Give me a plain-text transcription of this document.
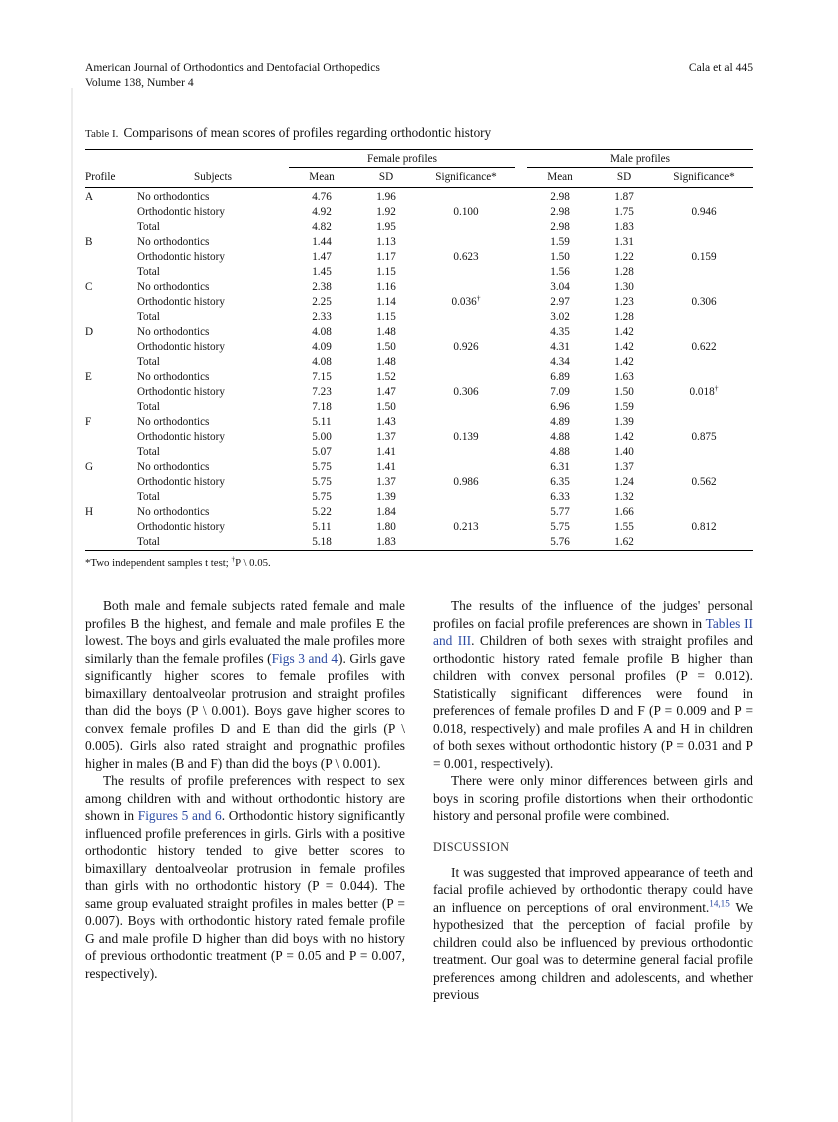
American Journal of Orthodontics and Dentofacial Orthopedics
Volume 138, Number 4
Cala et al 445
Table I. Comparisons of mean scores of profiles regarding orthodontic history
		Female profiles				Male profiles		
Profile	Subjects	Mean	SD	Significance*		Mean	SD	Significance*
A	No orthodontics	4.76	1.96			2.98	1.87	
	Orthodontic history	4.92	1.92	0.100		2.98	1.75	0.946
	Total	4.82	1.95			2.98	1.83	
B	No orthodontics	1.44	1.13			1.59	1.31	
	Orthodontic history	1.47	1.17	0.623		1.50	1.22	0.159
	Total	1.45	1.15			1.56	1.28	
C	No orthodontics	2.38	1.16			3.04	1.30	
	Orthodontic history	2.25	1.14	0.036†		2.97	1.23	0.306
	Total	2.33	1.15			3.02	1.28	
D	No orthodontics	4.08	1.48			4.35	1.42	
	Orthodontic history	4.09	1.50	0.926		4.31	1.42	0.622
	Total	4.08	1.48			4.34	1.42	
E	No orthodontics	7.15	1.52			6.89	1.63	
	Orthodontic history	7.23	1.47	0.306		7.09	1.50	0.018†
	Total	7.18	1.50			6.96	1.59	
F	No orthodontics	5.11	1.43			4.89	1.39	
	Orthodontic history	5.00	1.37	0.139		4.88	1.42	0.875
	Total	5.07	1.41			4.88	1.40	
G	No orthodontics	5.75	1.41			6.31	1.37	
	Orthodontic history	5.75	1.37	0.986		6.35	1.24	0.562
	Total	5.75	1.39			6.33	1.32	
H	No orthodontics	5.22	1.84			5.77	1.66	
	Orthodontic history	5.11	1.80	0.213		5.75	1.55	0.812
	Total	5.18	1.83			5.76	1.62	
*Two independent samples t test; †P \ 0.05.

Both male and female subjects rated female and male profiles B the highest, and female and male profiles E the lowest. The boys and girls evaluated the male profiles more similarly than the female profiles (Figs 3 and 4). Girls gave significantly higher scores to female profiles with bimaxillary dentoalveolar protrusion and straight profiles than did the boys (P \ 0.001). Boys gave higher scores to convex female profiles D and E than did the girls (P \ 0.005). Girls also rated straight and prognathic profiles higher in males (B and F) than did the boys (P \ 0.001).

The results of profile preferences with respect to sex among children with and without orthodontic history are shown in Figures 5 and 6. Orthodontic history significantly influenced profile preferences in girls. Girls with a positive orthodontic history tended to give better scores to bimaxillary dentoalveolar protrusion in female profiles than girls with no orthodontic history (P = 0.044). The same group evaluated straight profiles in males better (P = 0.007). Boys with orthodontic history rated female profile G and male profile D higher than did boys with no history of previous orthodontic treatment (P = 0.05 and P = 0.007, respectively).

The results of the influence of the judges' personal profiles on facial profile preferences are shown in Tables II and III. Children of both sexes with straight profiles and orthodontic history rated female profile B higher than children with convex personal profiles (P = 0.012). Statistically significant differences were found in preferences of female profiles D and F (P = 0.009 and P = 0.018, respectively) and male profiles A and H in children of both sexes without orthodontic history (P = 0.031 and P = 0.001, respectively).

There were only minor differences between girls and boys in scoring profile distortions when their orthodontic history and personal profile were combined.

DISCUSSION

It was suggested that improved appearance of teeth and facial profile achieved by orthodontic therapy could have an influence on perceptions of oral environment.$^{14,15}$ We hypothesized that the perception of facial profile by children could also be influenced by previous orthodontic treatment. Our goal was to determine general facial profile preferences among children and adolescents, and whether previous
